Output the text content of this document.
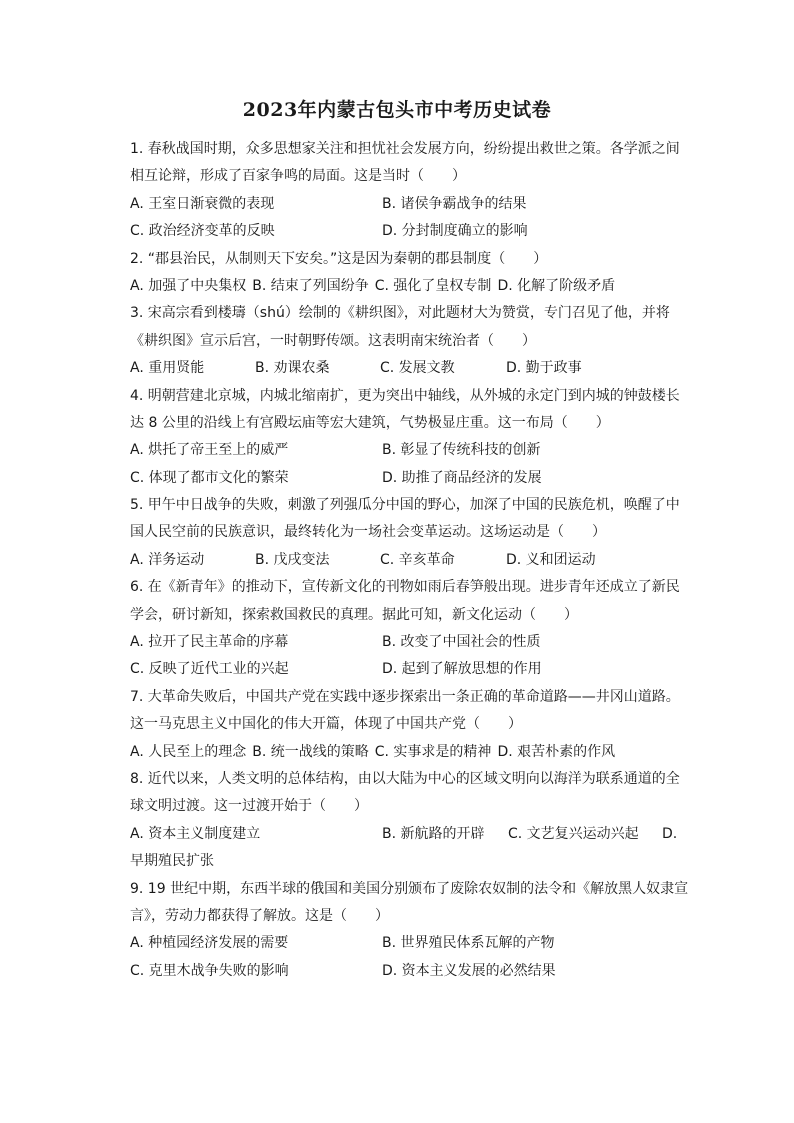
2023年内蒙古包头市中考历史试卷
1. 春秋战国时期，众多思想家关注和担忧社会发展方向，纷纷提出救世之策。各学派之间
相互论辩，形成了百家争鸣的局面。这是当时（　　）
A. 王室日渐衰微的表现	B. 诸侯争霸战争的结果
C. 政治经济变革的反映	D. 分封制度确立的影响
2. “郡县治民，从制则天下安矣。”这是因为秦朝的郡县制度（　　）
A. 加强了中央集权 B. 结束了列国纷争 C. 强化了皇权专制 D. 化解了阶级矛盾
3. 宋高宗看到楼璹（shú）绘制的《耕织图》，对此题材大为赞赏，专门召见了他，并将
《耕织图》宣示后宫，一时朝野传颂。这表明南宋统治者（　　）
A. 重用贤能	B. 劝课农桑	C. 发展文教	D. 勤于政事
4. 明朝营建北京城，内城北缩南扩，更为突出中轴线，从外城的永定门到内城的钟鼓楼长
达 8 公里的沿线上有宫殿坛庙等宏大建筑，气势极显庄重。这一布局（　　）
A. 烘托了帝王至上的威严	B. 彰显了传统科技的创新
C. 体现了都市文化的繁荣	D. 助推了商品经济的发展
5. 甲午中日战争的失败，刺激了列强瓜分中国的野心，加深了中国的民族危机，唤醒了中
国人民空前的民族意识，最终转化为一场社会变革运动。这场运动是（　　）
A. 洋务运动	B. 戊戌变法	C. 辛亥革命	D. 义和团运动
6. 在《新青年》的推动下，宣传新文化的刊物如雨后春笋般出现。进步青年还成立了新民
学会，研讨新知，探索救国救民的真理。据此可知，新文化运动（　　）
A. 拉开了民主革命的序幕	B. 改变了中国社会的性质
C. 反映了近代工业的兴起	D. 起到了解放思想的作用
7. 大革命失败后，中国共产党在实践中逐步探索出一条正确的革命道路——井冈山道路。
这一马克思主义中国化的伟大开篇，体现了中国共产党（　　）
A. 人民至上的理念 B. 统一战线的策略 C. 实事求是的精神 D. 艰苦朴素的作风
8. 近代以来，人类文明的总体结构，由以大陆为中心的区域文明向以海洋为联系通道的全
球文明过渡。这一过渡开始于（　　）
A. 资本主义制度建立	B. 新航路的开辟	C. 文艺复兴运动兴起	D.
早期殖民扩张
9. 19 世纪中期，东西半球的俄国和美国分别颁布了废除农奴制的法令和《解放黑人奴隶宣
言》，劳动力都获得了解放。这是（　　）
A. 种植园经济发展的需要	B. 世界殖民体系瓦解的产物
C. 克里木战争失败的影响	D. 资本主义发展的必然结果
